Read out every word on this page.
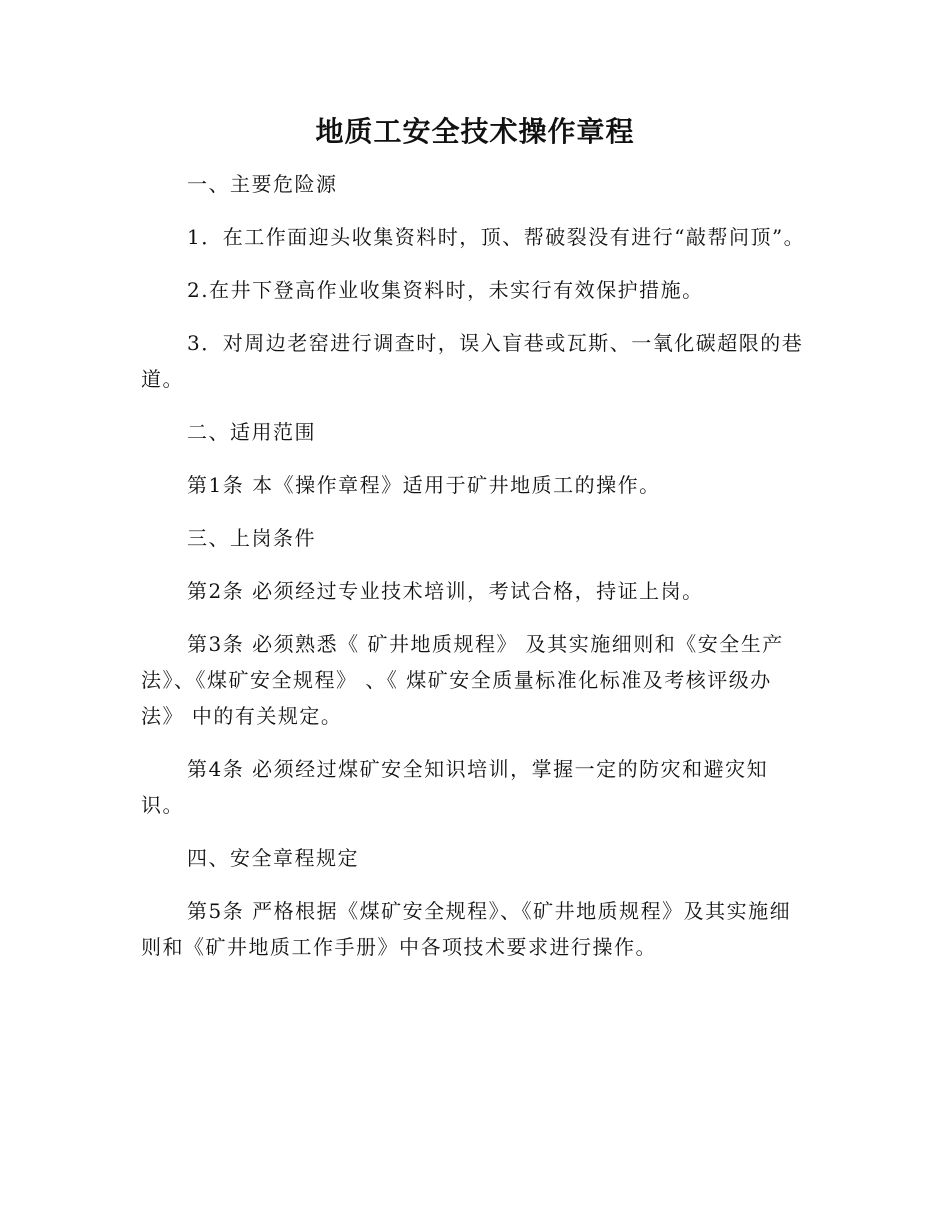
地质工安全技术操作章程

一、主要危险源

1．在工作面迎头收集资料时，顶、帮破裂没有进行“敲帮问顶”。

2.在井下登高作业收集资料时，未实行有效保护措施。

3．对周边老窑进行调查时，误入盲巷或瓦斯、一氧化碳超限的巷道。

二、适用范围

第1条 本《操作章程》适用于矿井地质工的操作。

三、上岗条件

第2条 必须经过专业技术培训，考试合格，持证上岗。

第3条 必须熟悉《 矿井地质规程》 及其实施细则和《安全生产法》、《煤矿安全规程》 、《 煤矿安全质量标准化标准及考核评级办法》 中的有关规定。

第4条 必须经过煤矿安全知识培训，掌握一定的防灾和避灾知识。

四、安全章程规定

第5条 严格根据《煤矿安全规程》、《矿井地质规程》及其实施细则和《矿井地质工作手册》中各项技术要求进行操作。
